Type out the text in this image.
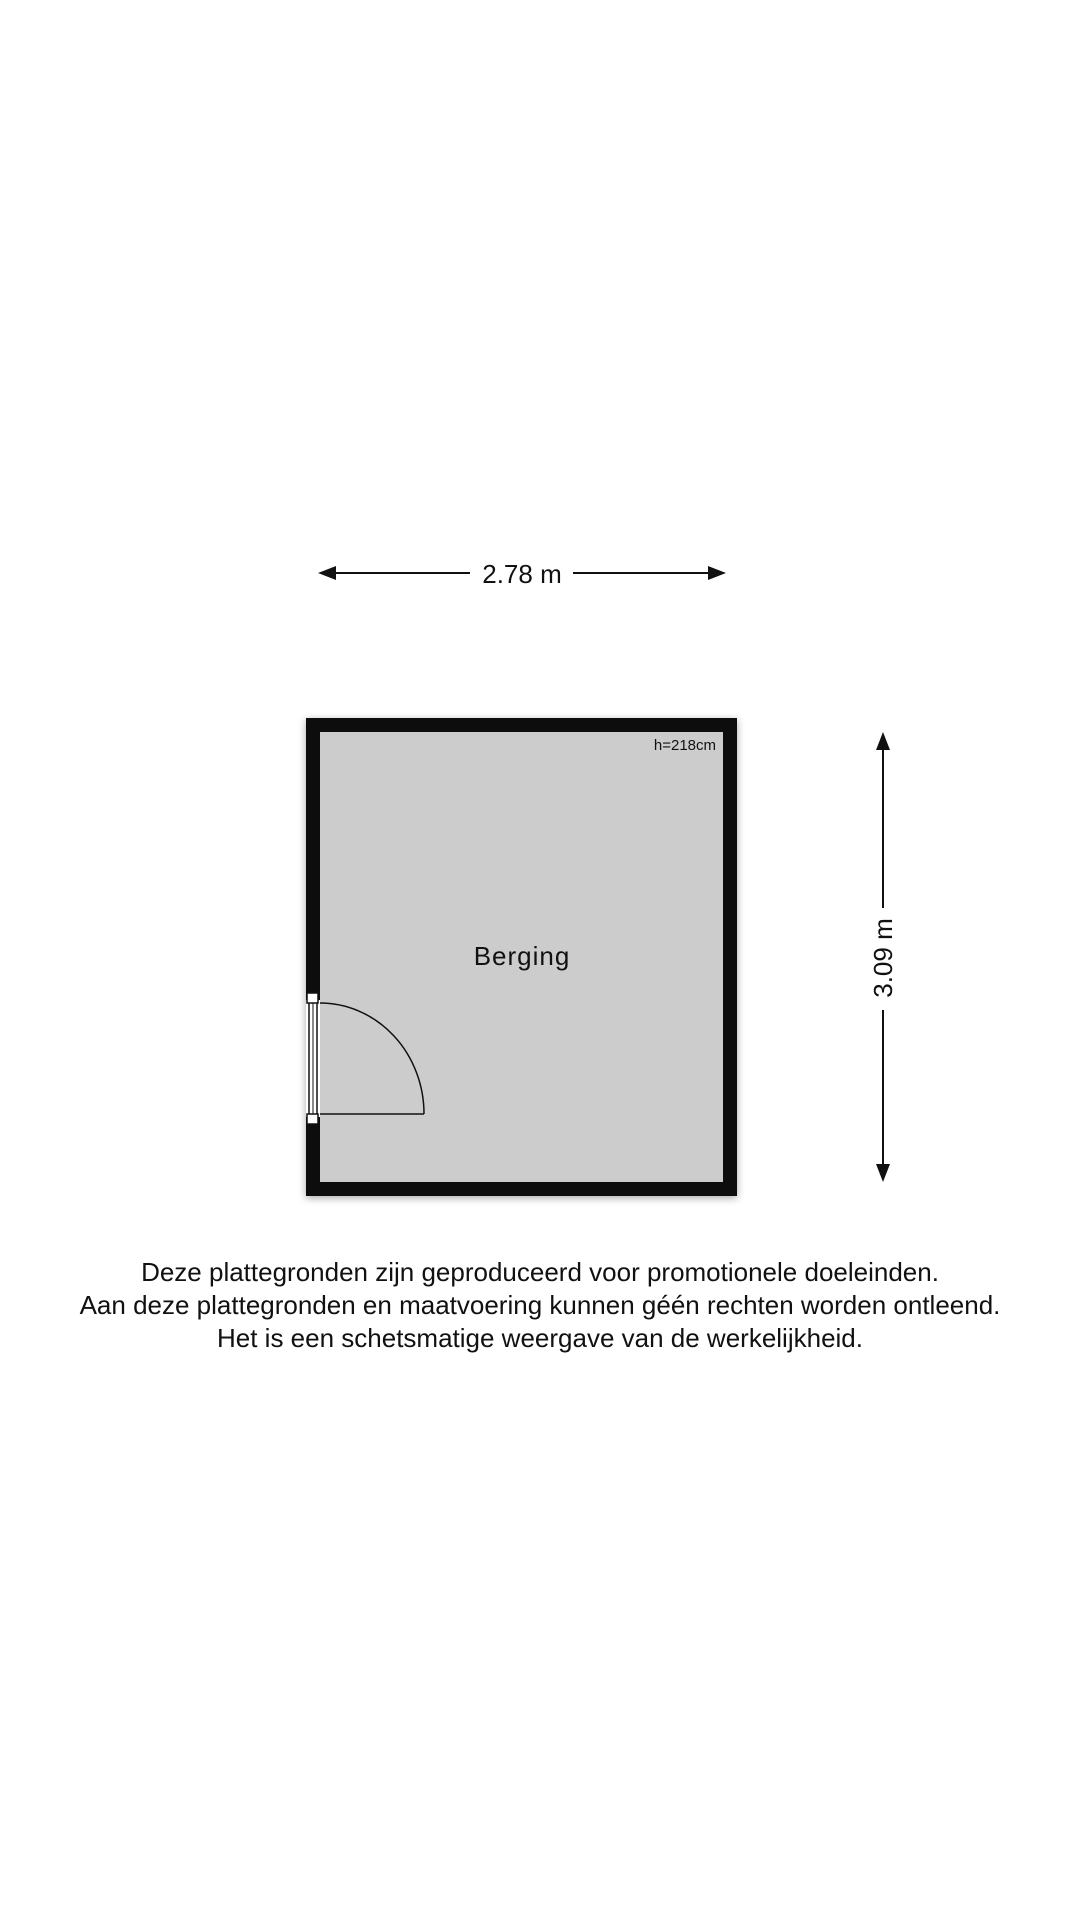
2.78 m
3.09 m
h=218cm
Berging
Deze plattegronden zijn geproduceerd voor promotionele doeleinden.
Aan deze plattegronden en maatvoering kunnen géén rechten worden ontleend.
Het is een schetsmatige weergave van de werkelijkheid.
